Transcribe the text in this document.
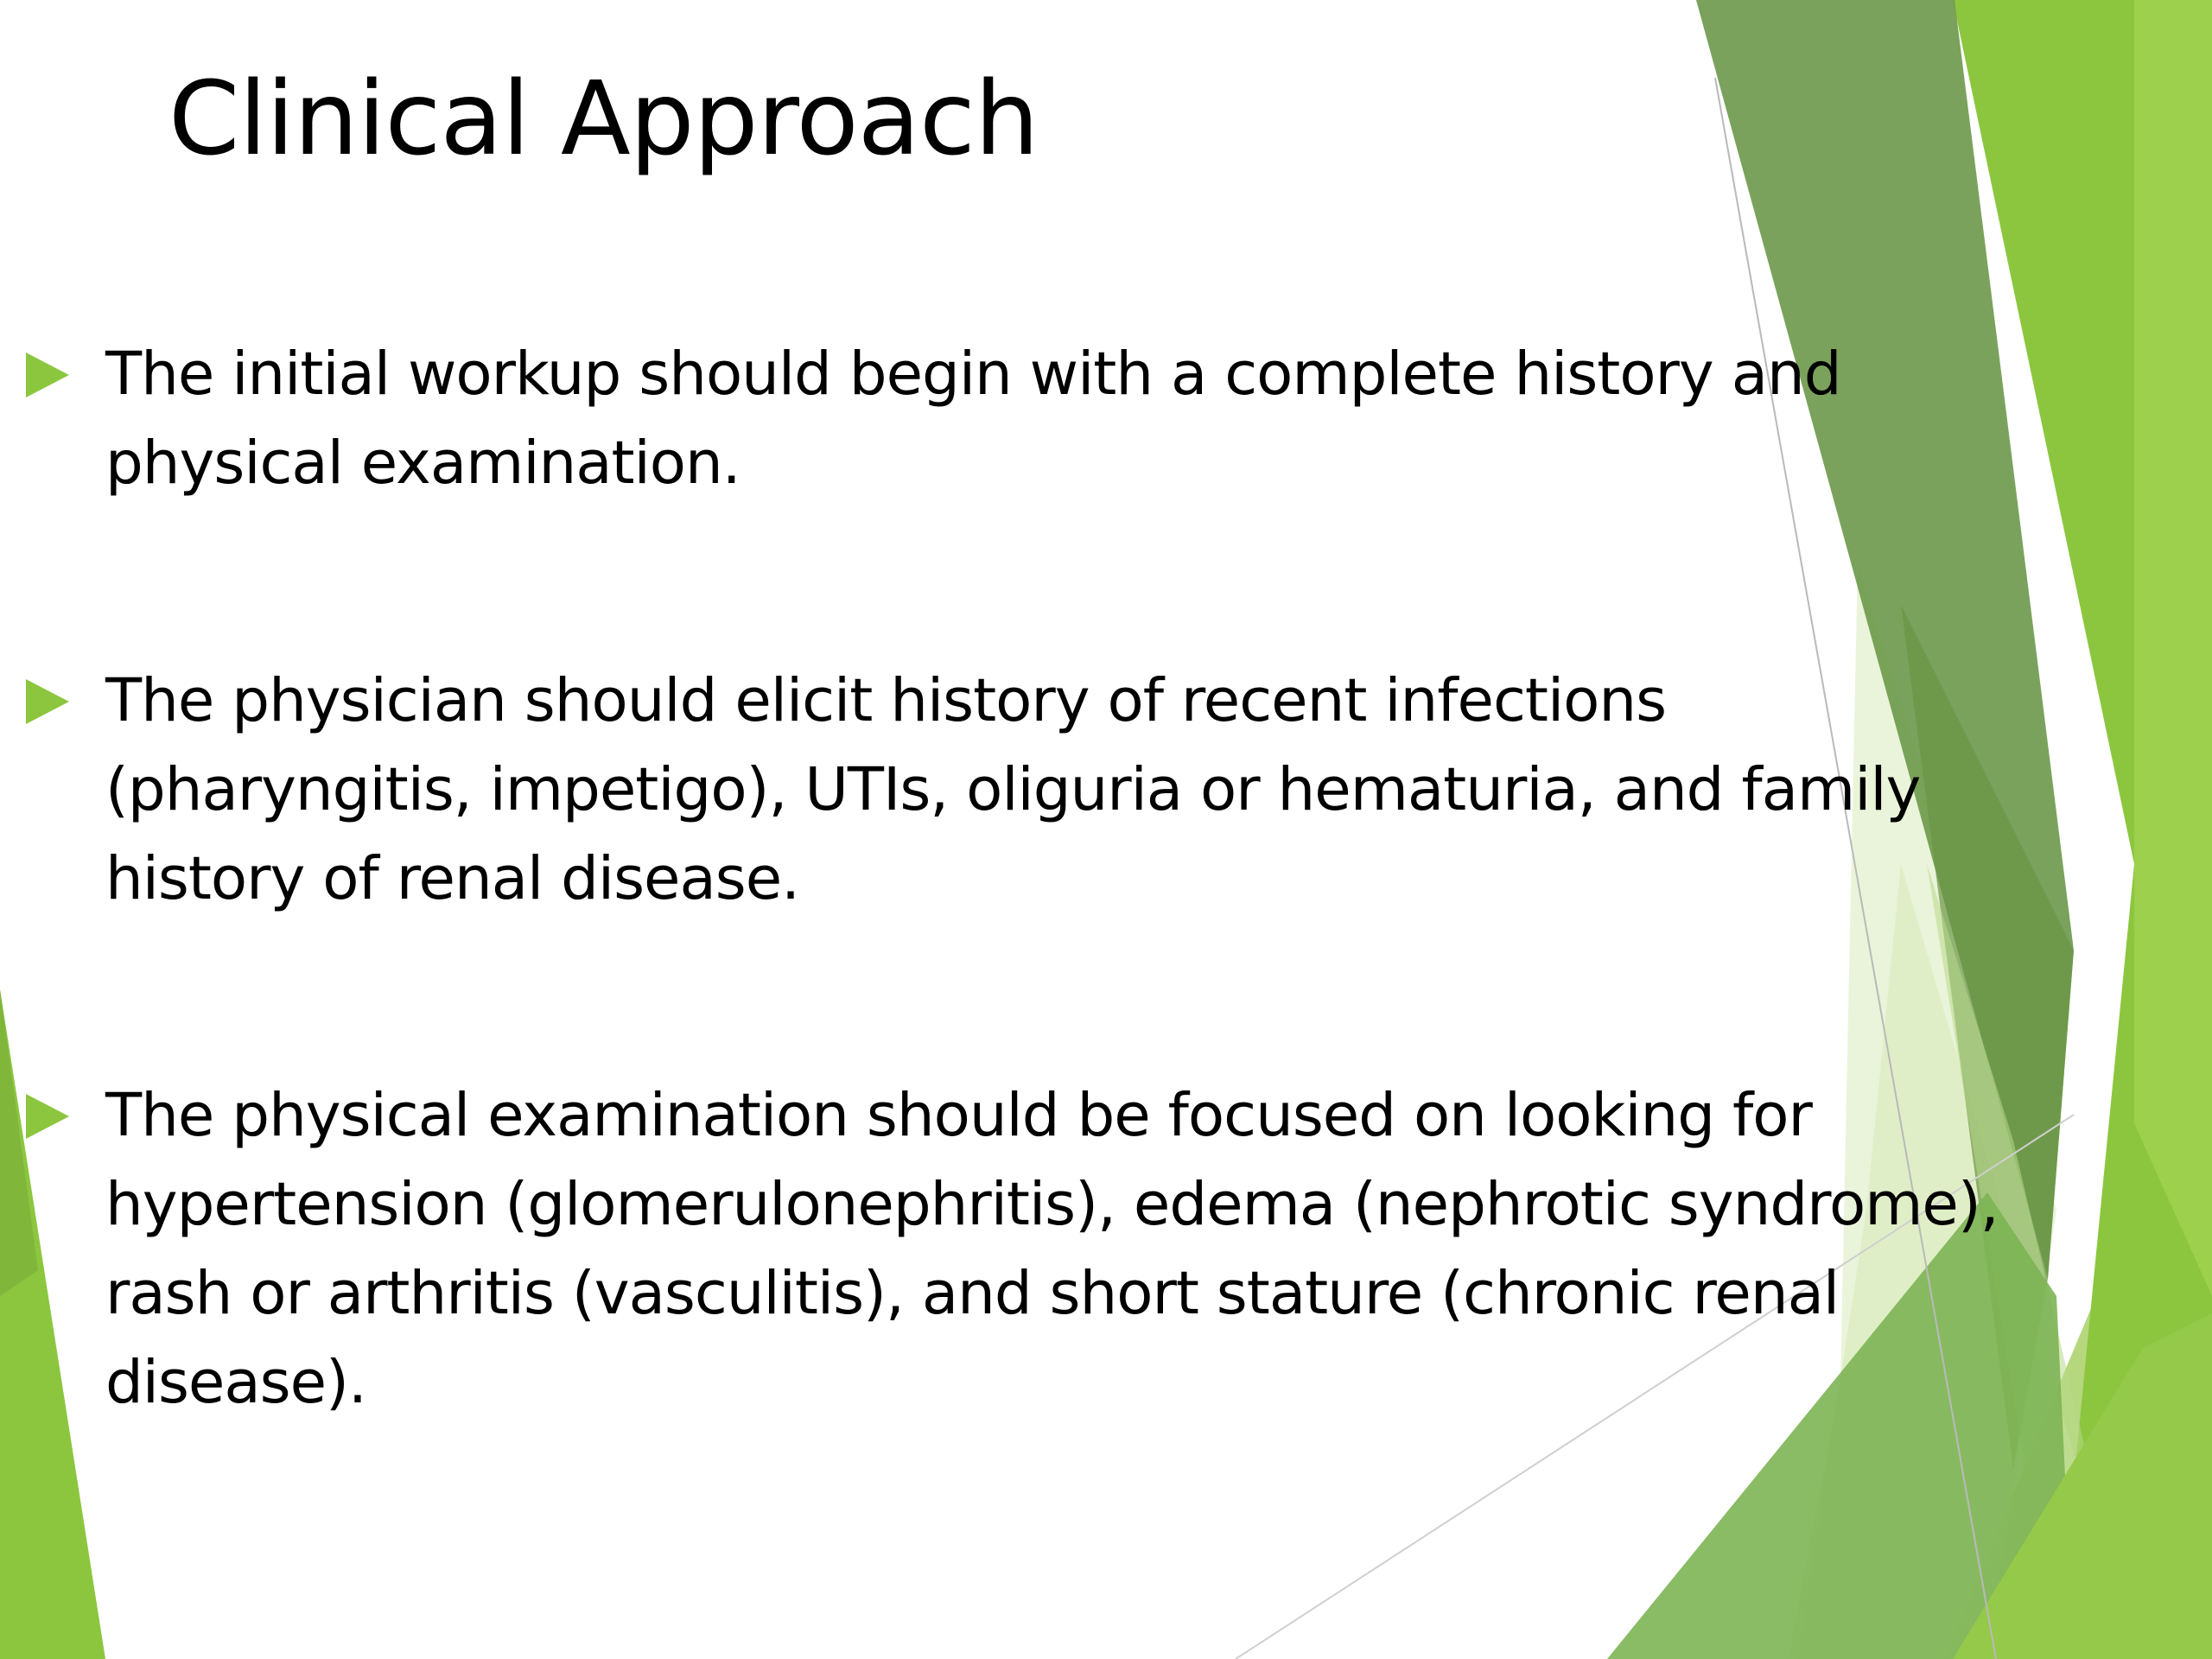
Clinical Approach
The initial workup should begin with a complete history and
physical examination.
The physician should elicit history of recent infections
(pharyngitis, impetigo), UTIs, oliguria or hematuria, and family
history of renal disease.
The physical examination should be focused on looking for
hypertension (glomerulonephritis), edema (nephrotic syndrome),
rash or arthritis (vasculitis), and short stature (chronic renal
disease).
